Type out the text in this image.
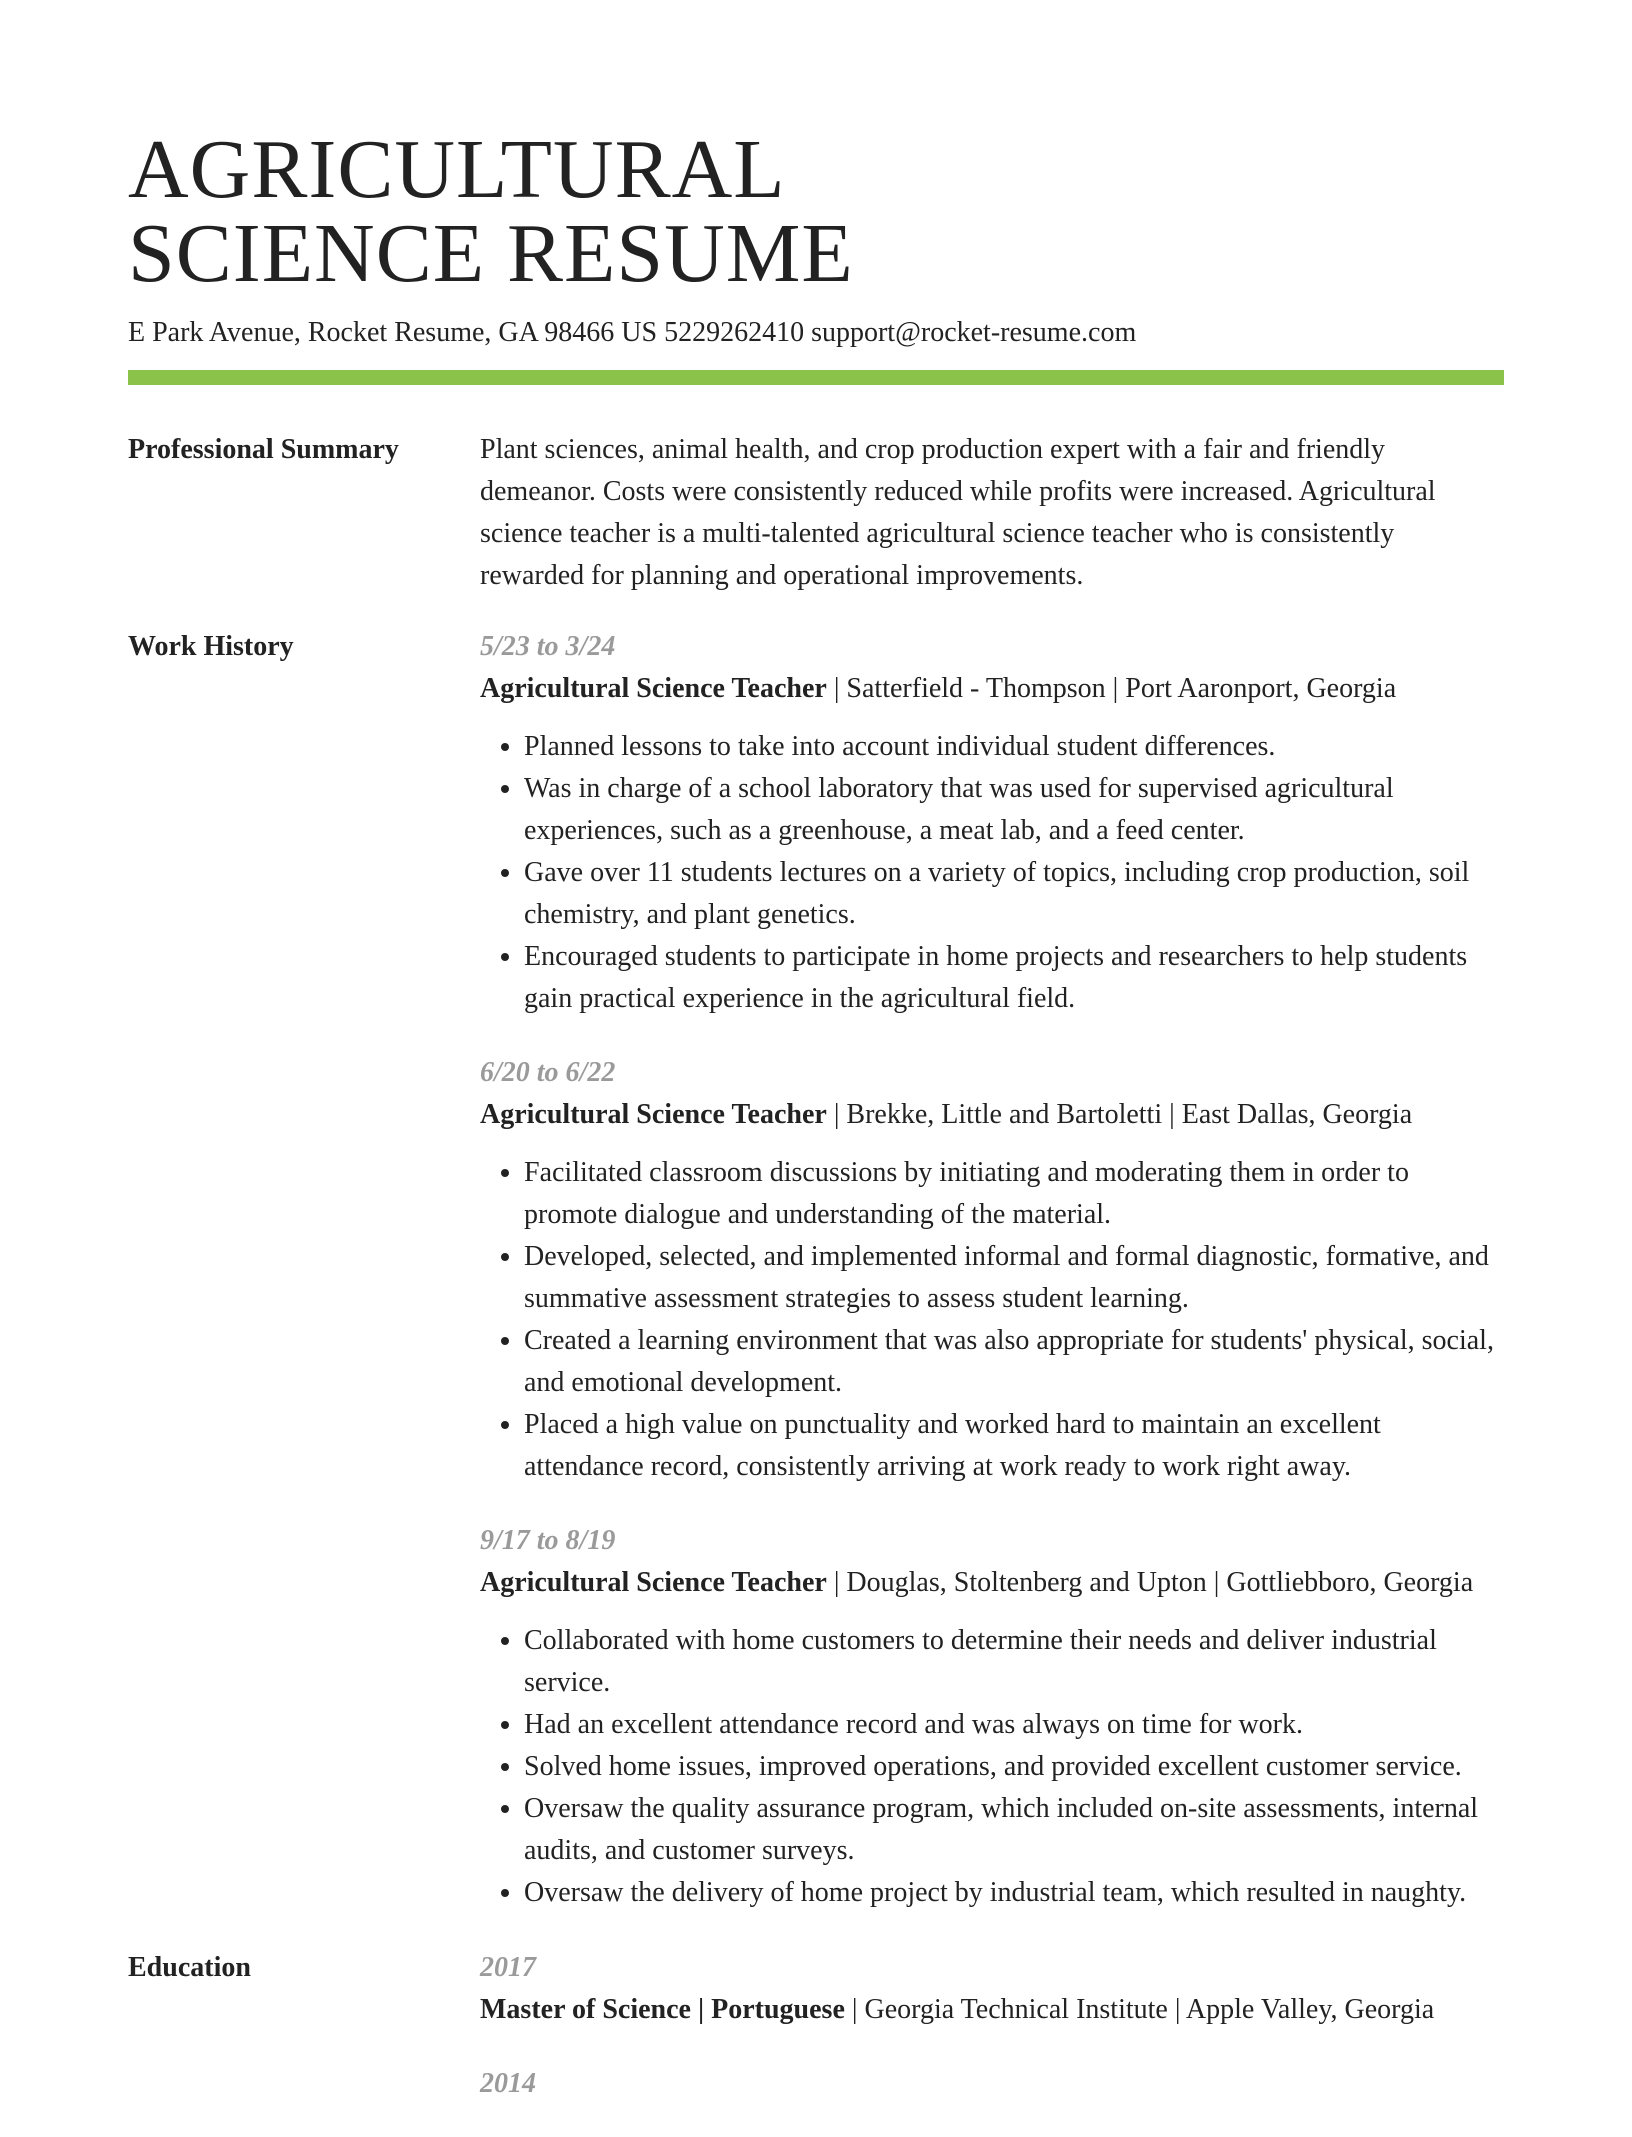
AGRICULTURAL
SCIENCE RESUME
E Park Avenue, Rocket Resume, GA 98466 US 5229262410 support@rocket-resume.com
Professional Summary	Plant sciences, animal health, and crop production expert with a fair and friendly demeanor. Costs were consistently reduced while profits were increased. Agricultural science teacher is a multi-talented agricultural science teacher who is consistently rewarded for planning and operational improvements.

Work History	5/23 to 3/24
Agricultural Science Teacher | Satterfield - Thompson | Port Aaronport, Georgia
• Planned lessons to take into account individual student differences.
• Was in charge of a school laboratory that was used for supervised agricultural experiences, such as a greenhouse, a meat lab, and a feed center.
• Gave over 11 students lectures on a variety of topics, including crop production, soil chemistry, and plant genetics.
• Encouraged students to participate in home projects and researchers to help students gain practical experience in the agricultural field.
6/20 to 6/22
Agricultural Science Teacher | Brekke, Little and Bartoletti | East Dallas, Georgia
• Facilitated classroom discussions by initiating and moderating them in order to promote dialogue and understanding of the material.
• Developed, selected, and implemented informal and formal diagnostic, formative, and summative assessment strategies to assess student learning.
• Created a learning environment that was also appropriate for students' physical, social, and emotional development.
• Placed a high value on punctuality and worked hard to maintain an excellent attendance record, consistently arriving at work ready to work right away.
9/17 to 8/19
Agricultural Science Teacher | Douglas, Stoltenberg and Upton | Gottliebboro, Georgia
• Collaborated with home customers to determine their needs and deliver industrial service.
• Had an excellent attendance record and was always on time for work.
• Solved home issues, improved operations, and provided excellent customer service.
• Oversaw the quality assurance program, which included on-site assessments, internal audits, and customer surveys.
• Oversaw the delivery of home project by industrial team, which resulted in naughty.
Education	2017
Master of Science | Portuguese | Georgia Technical Institute | Apple Valley, Georgia
2014
